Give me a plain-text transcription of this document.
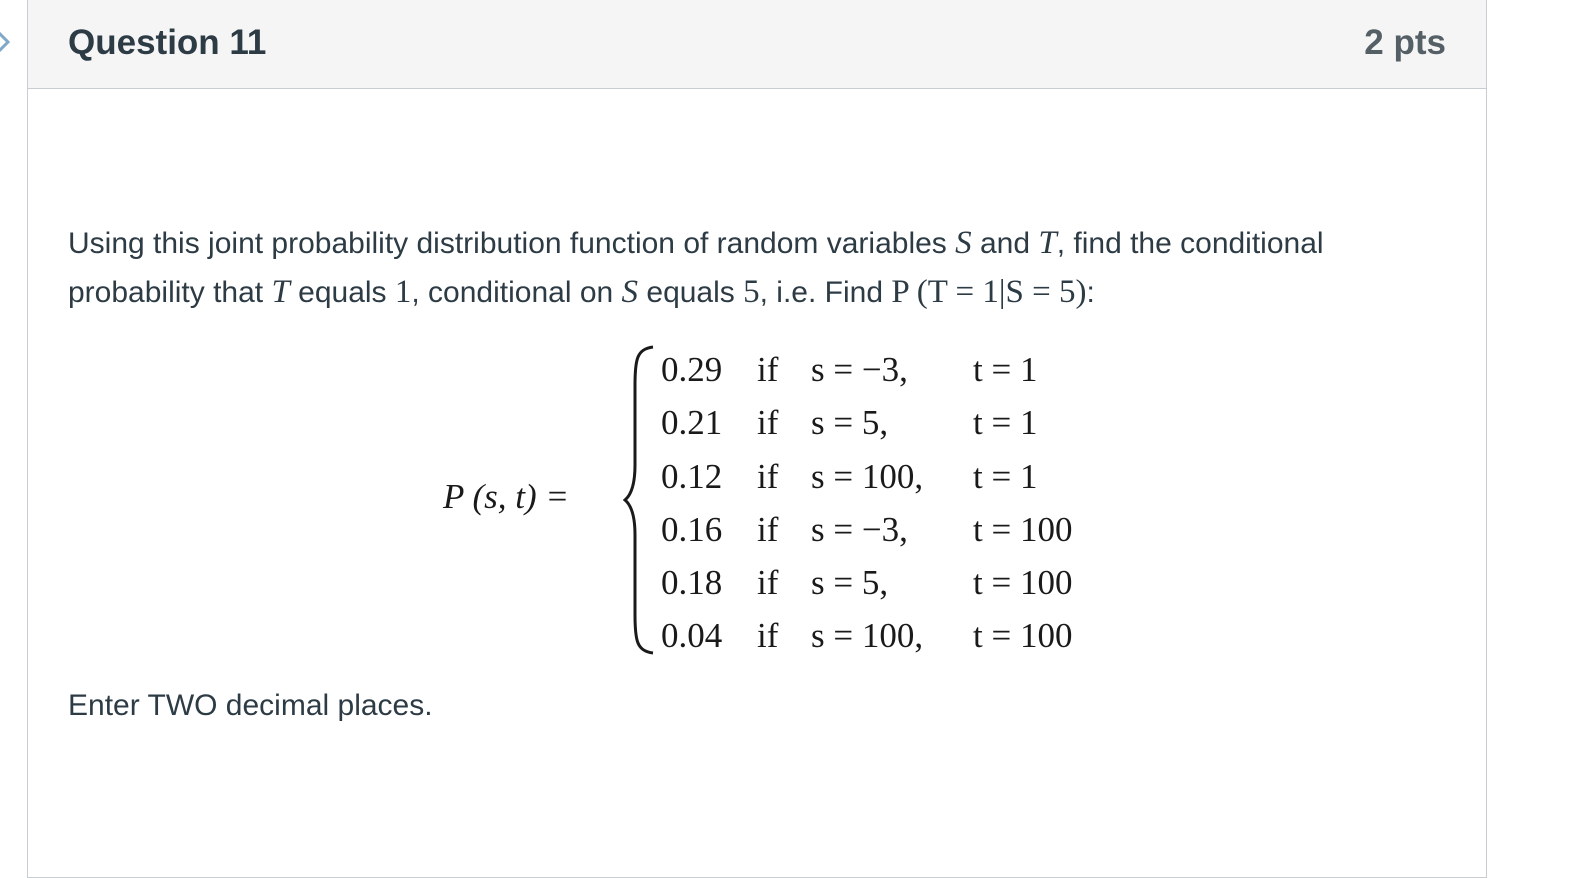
Question 11	2 pts
Using this joint probability distribution function of random variables S and T, find the conditional probability that T equals 1, conditional on S equals 5, i.e. Find P (T = 1|S = 5):
P (s, t) =
0.29	if	s = −3,	t = 1
0.21	if	s = 5,	t = 1
0.12	if	s = 100,	t = 1
0.16	if	s = −3,	t = 100
0.18	if	s = 5,	t = 100
0.04	if	s = 100,	t = 100
Enter TWO decimal places.
